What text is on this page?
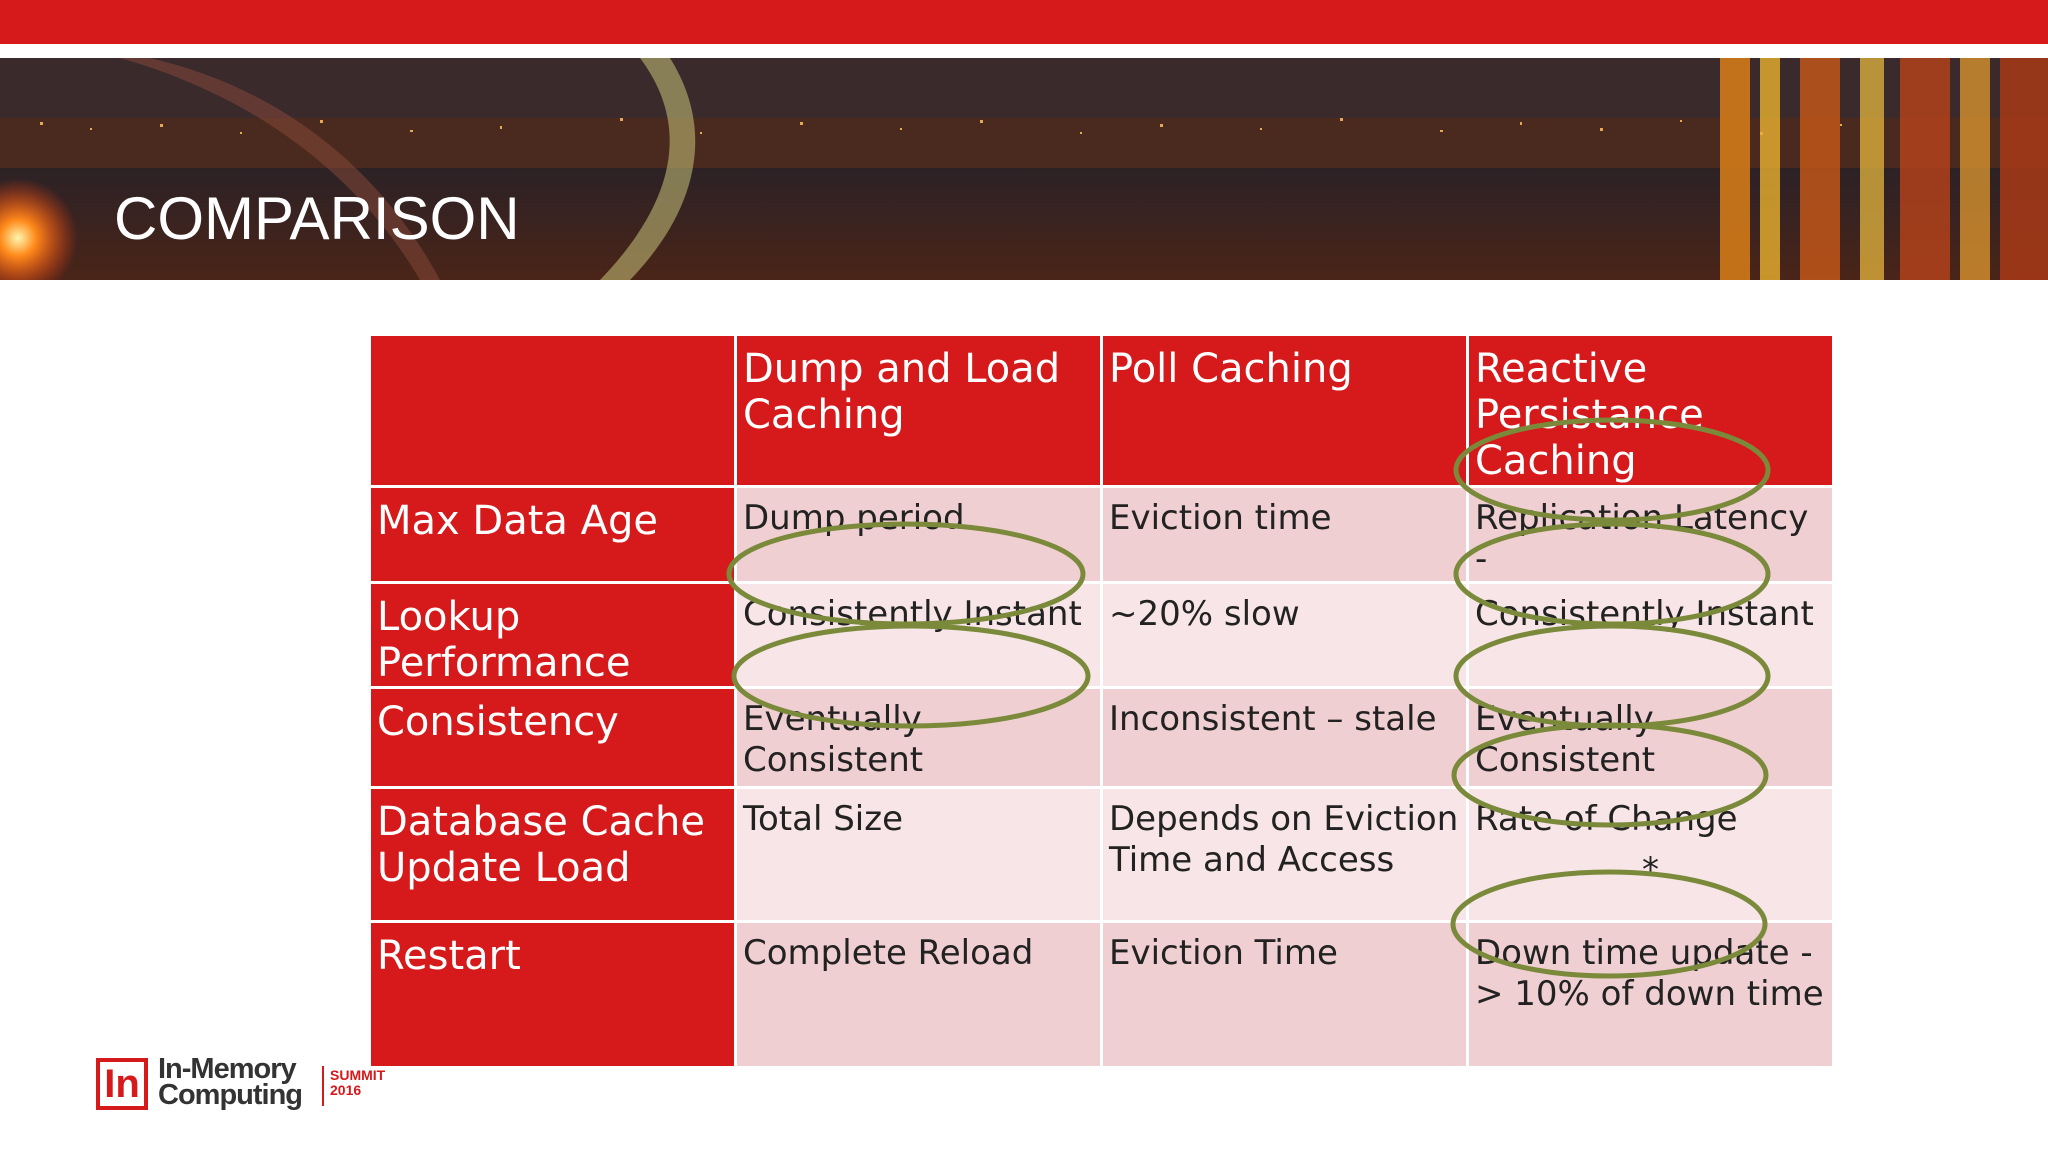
COMPARISON
	Dump and Load Caching	Poll Caching	Reactive Persistance Caching
Max Data Age	Dump period	Eviction time	Replication Latency -
Lookup Performance	Consistently Instant	~20% slow	Consistently Instant
Consistency	Eventually Consistent	Inconsistent – stale	Eventually Consistent
Database Cache Update Load	Total Size	Depends on Eviction Time and Access	Rate of Change
*

Restart	Complete Reload	Eviction Time	Down time update -> 10% of down time
In In-Memory
Computing
SUMMIT
2016
